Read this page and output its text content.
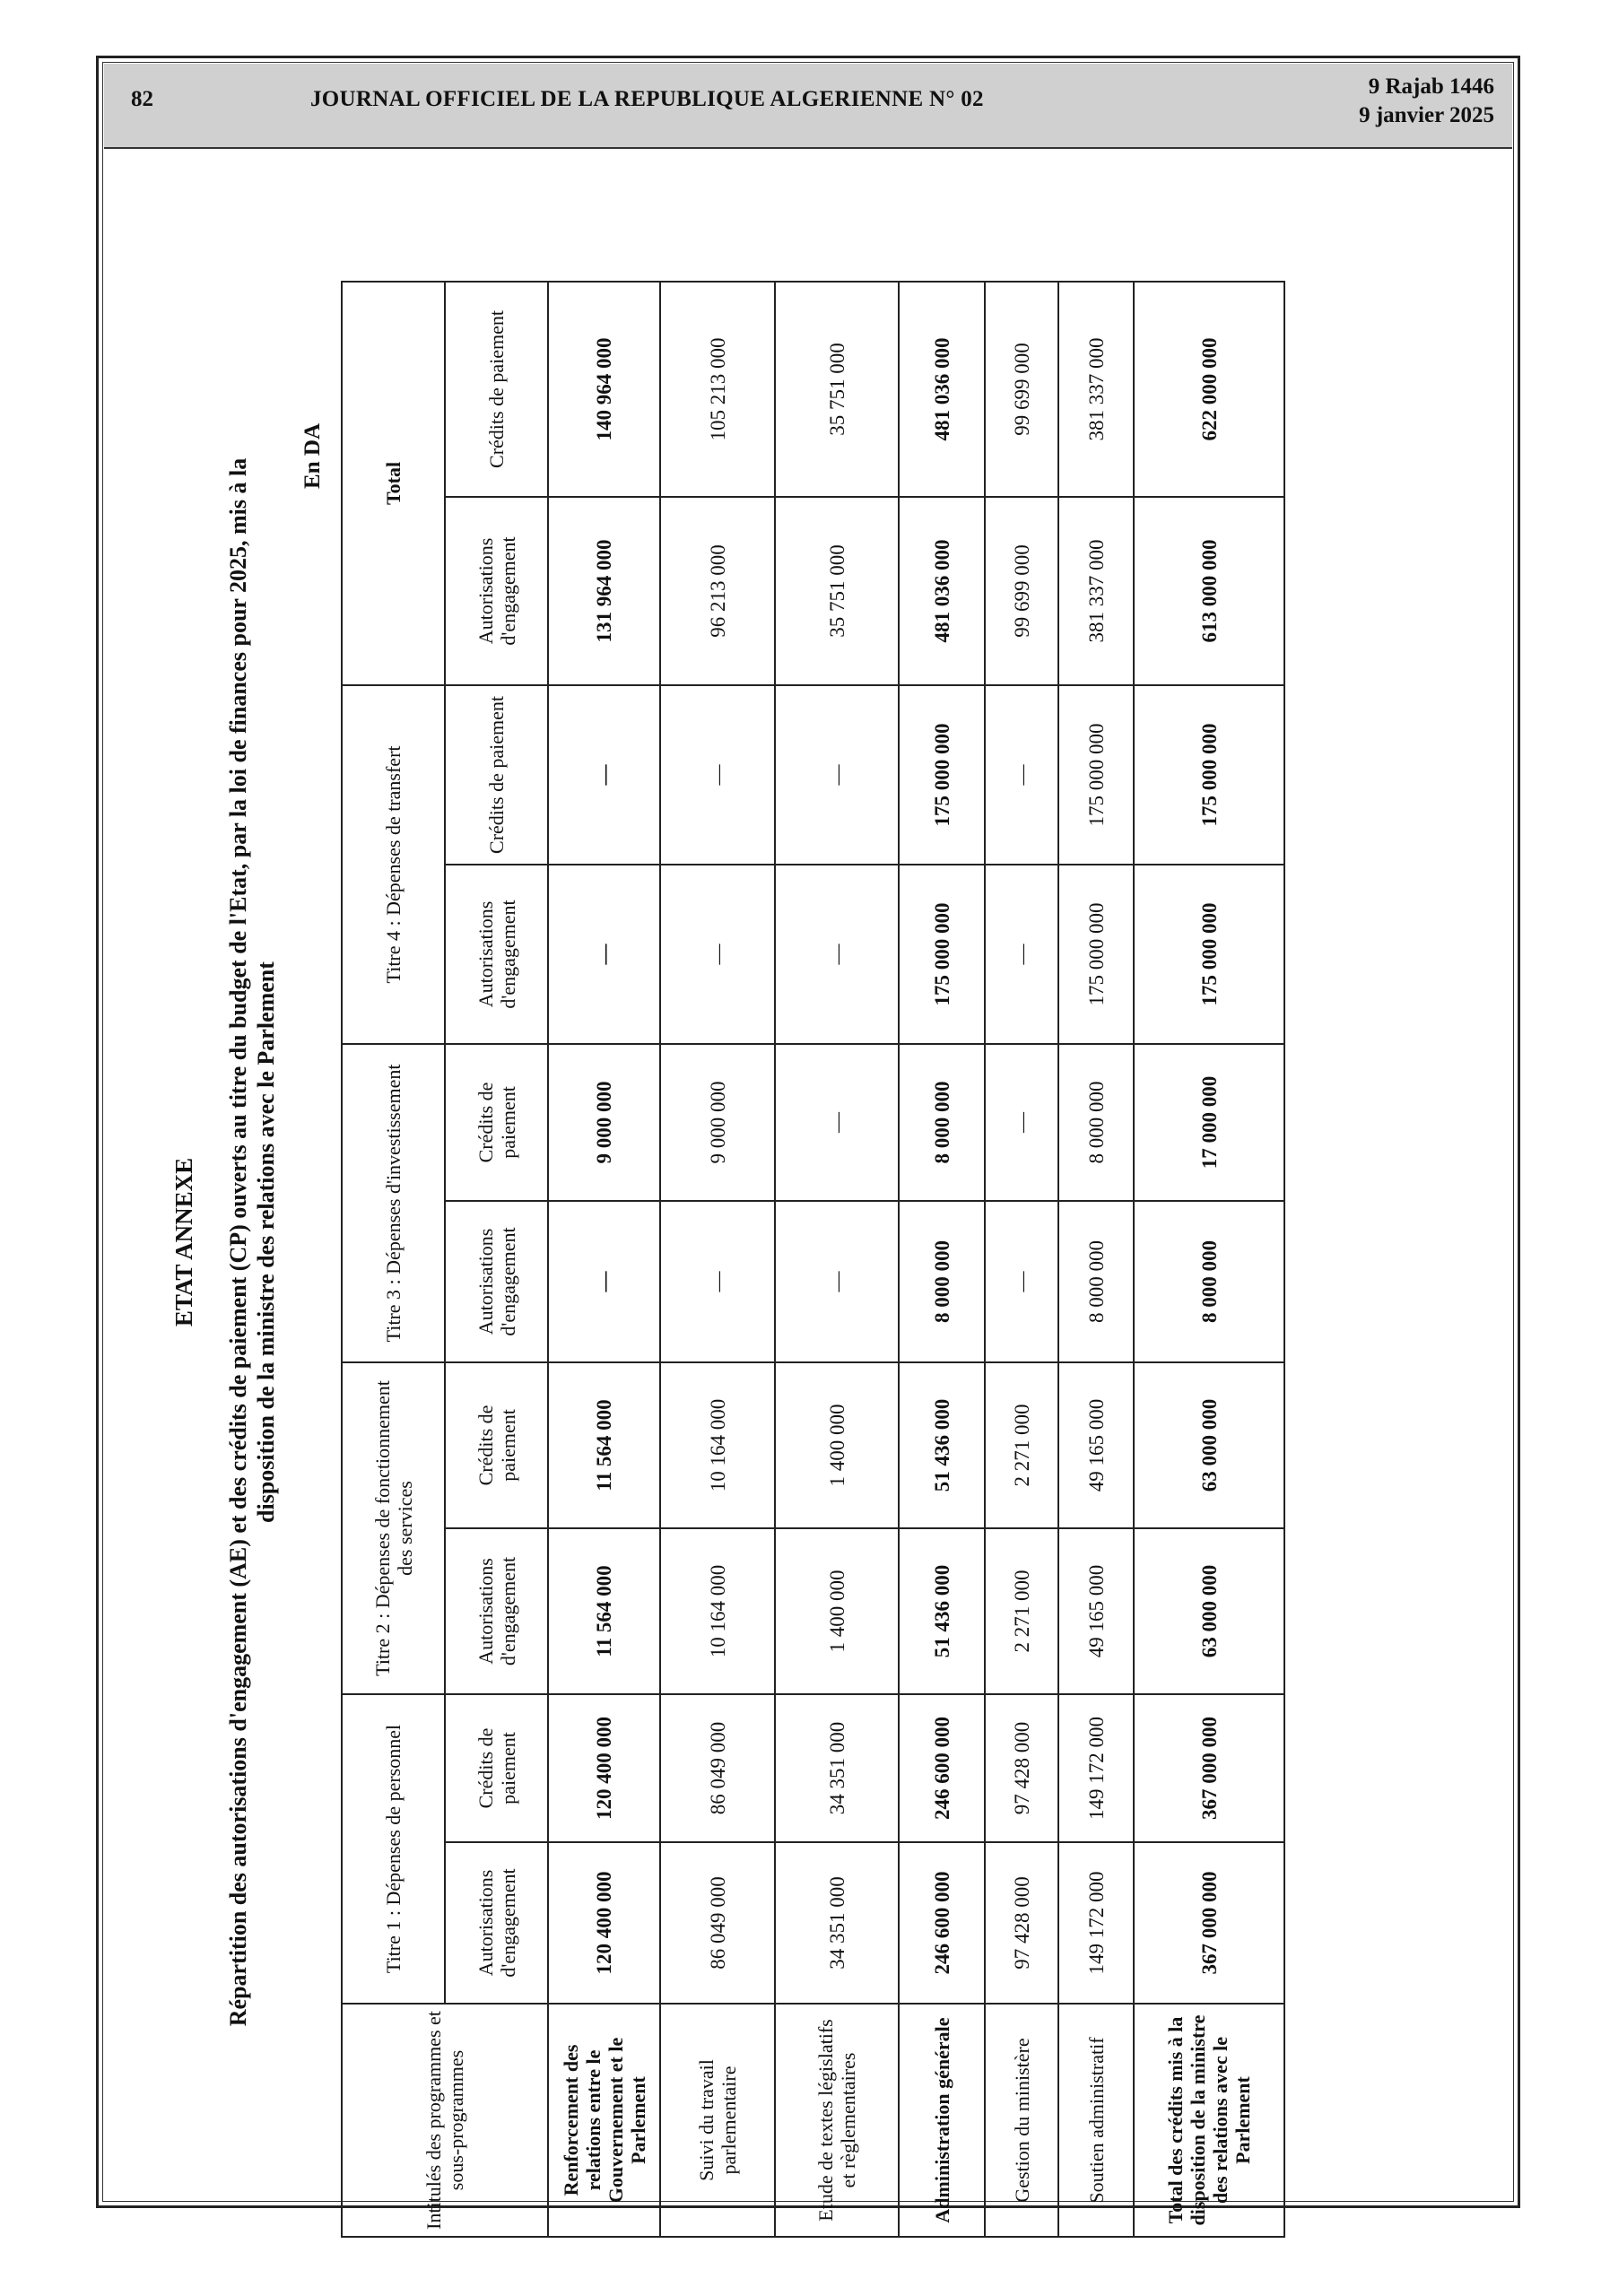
82	JOURNAL OFFICIEL DE LA REPUBLIQUE ALGERIENNE N° 02
9 Rajab 1446
9 janvier 2025
ETAT ANNEXE Répartition des autorisations d'engagement (AE) et des crédits de paiement (CP) ouverts au titre du budget de l'Etat, par la loi de finances pour 2025, mis à la disposition de la ministre des relations avec le Parlement
En DA
Intitulés des programmes et sous-programmes	Titre 1 : Dépenses de personnel		Titre 2 : Dépenses de fonctionnement des services		Titre 3 : Dépenses d'investissement		Titre 4 : Dépenses de transfert		Total	
	Autorisations d'engagement	Crédits de paiement	Autorisations d'engagement	Crédits de paiement	Autorisations d'engagement	Crédits de paiement	Autorisations d'engagement	Crédits de paiement	Autorisations d'engagement	Crédits de paiement
Renforcement des relations entre le Gouvernement et le Parlement	120 400 000	120 400 000	11 564 000	11 564 000	—	9 000 000	—	—	131 964 000	140 964 000
Suivi du travail parlementaire	86 049 000	86 049 000	10 164 000	10 164 000	—	9 000 000	—	—	96 213 000	105 213 000
Etude de textes législatifs et règlementaires	34 351 000	34 351 000	1 400 000	1 400 000	—	—	—	—	35 751 000	35 751 000
Administration générale	246 600 000	246 600 000	51 436 000	51 436 000	8 000 000	8 000 000	175 000 000	175 000 000	481 036 000	481 036 000
Gestion du ministère	97 428 000	97 428 000	2 271 000	2 271 000	—	—	—	—	99 699 000	99 699 000
Soutien administratif	149 172 000	149 172 000	49 165 000	49 165 000	8 000 000	8 000 000	175 000 000	175 000 000	381 337 000	381 337 000
Total des crédits mis à la disposition de la ministre des relations avec le Parlement	367 000 000	367 000 000	63 000 000	63 000 000	8 000 000	17 000 000	175 000 000	175 000 000	613 000 000	622 000 000
